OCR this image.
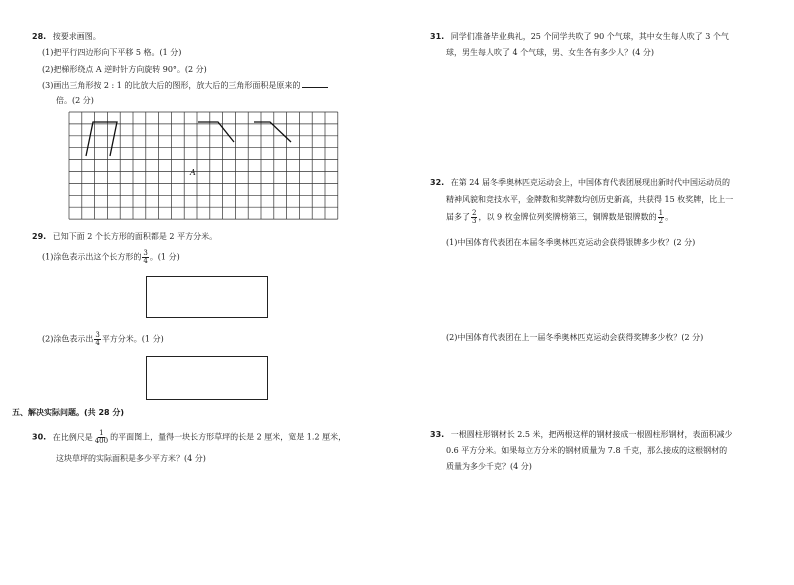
28. 按要求画图。
(1)把平行四边形向下平移 5 格。(1 分)
(2)把梯形绕点 A 逆时针方向旋转 90°。(2 分)
(3)画出三角形按 2 : 1 的比放大后的图形，放大后的三角形面积是原来的
倍。(2 分)
A
29. 已知下面 2 个长方形的面积都是 2 平方分米。
(1)涂色表示出这个长方形的 $\frac{3}{4}$ 。(1 分)
(2)涂色表示出 $\frac{3}{4}$ 平方分米。(1 分)
五、解决实际问题。(共 28 分)
30. 在比例尺是 $\frac{1}{400}$ 的平面图上，量得一块长方形草坪的长是 2 厘米，宽是 1.2 厘米，
这块草坪的实际面积是多少平方米？(4 分)
31. 同学们准备毕业典礼，25 个同学共吹了 90 个气球，其中女生每人吹了 3 个气
球，男生每人吹了 4 个气球，男、女生各有多少人？(4 分)
32. 在第 24 届冬季奥林匹克运动会上，中国体育代表团展现出新时代中国运动员的
精神风貌和竞技水平，金牌数和奖牌数均创历史新高，共获得 15 枚奖牌，比上一
届多了 $\frac{2}{3}$ ，以 9 枚金牌位列奖牌榜第三，铜牌数是银牌数的 $\frac{1}{2}$ 。
(1)中国体育代表团在本届冬季奥林匹克运动会获得银牌多少枚？(2 分)
(2)中国体育代表团在上一届冬季奥林匹克运动会获得奖牌多少枚？(2 分)
33. 一根圆柱形钢材长 2.5 米，把两根这样的钢材接成一根圆柱形钢材，表面积减少
0.6 平方分米。如果每立方分米的钢材质量为 7.8 千克，那么接成的这根钢材的
质量为多少千克？(4 分)
